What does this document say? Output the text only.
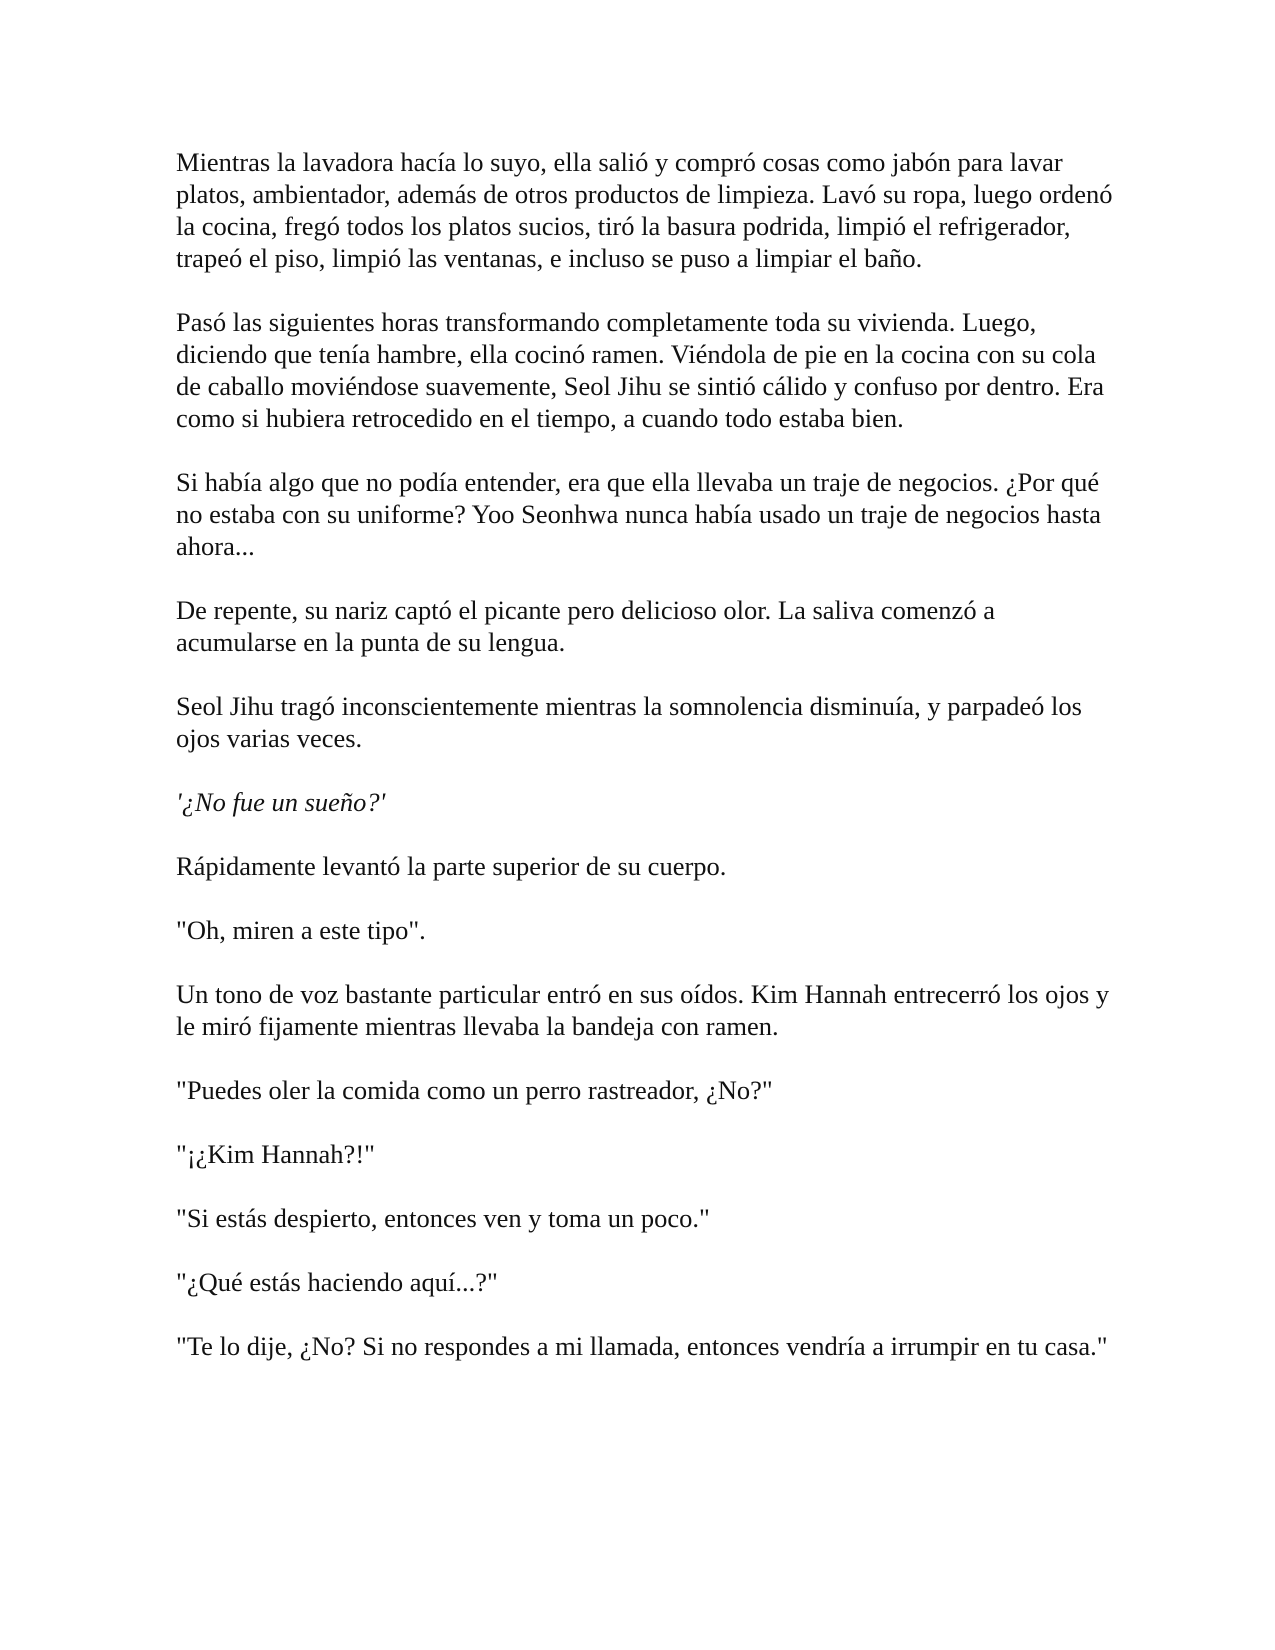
Mientras la lavadora hacía lo suyo, ella salió y compró cosas como jabón para lavar platos, ambientador, además de otros productos de limpieza. Lavó su ropa, luego ordenó la cocina, fregó todos los platos sucios, tiró la basura podrida, limpió el refrigerador, trapeó el piso, limpió las ventanas, e incluso se puso a limpiar el baño.

Pasó las siguientes horas transformando completamente toda su vivienda. Luego, diciendo que tenía hambre, ella cocinó ramen. Viéndola de pie en la cocina con su cola de caballo moviéndose suavemente, Seol Jihu se sintió cálido y confuso por dentro. Era como si hubiera retrocedido en el tiempo, a cuando todo estaba bien.

Si había algo que no podía entender, era que ella llevaba un traje de negocios. ¿Por qué no estaba con su uniforme? Yoo Seonhwa nunca había usado un traje de negocios hasta ahora...

De repente, su nariz captó el picante pero delicioso olor. La saliva comenzó a acumularse en la punta de su lengua.

Seol Jihu tragó inconscientemente mientras la somnolencia disminuía, y parpadeó los ojos varias veces.

'¿No fue un sueño?'

Rápidamente levantó la parte superior de su cuerpo.

"Oh, miren a este tipo".

Un tono de voz bastante particular entró en sus oídos. Kim Hannah entrecerró los ojos y le miró fijamente mientras llevaba la bandeja con ramen.

"Puedes oler la comida como un perro rastreador, ¿No?"

"¡¿Kim Hannah?!"

"Si estás despierto, entonces ven y toma un poco."

"¿Qué estás haciendo aquí...?"

"Te lo dije, ¿No? Si no respondes a mi llamada, entonces vendría a irrumpir en tu casa."
